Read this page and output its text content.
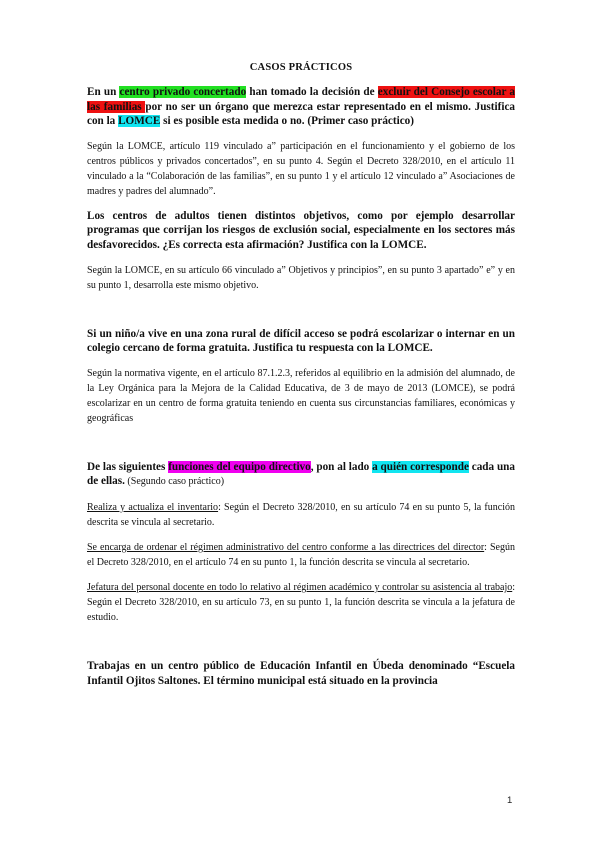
CASOS PRÁCTICOS

En un centro privado concertado han tomado la decisión de excluir del Consejo escolar a las familias por no ser un órgano que merezca estar representado en el mismo. Justifica con la LOMCE si es posible esta medida o no. (Primer caso práctico)

Según la LOMCE, artículo 119 vinculado a” participación en el funcionamiento y el gobierno de los centros públicos y privados concertados”, en su punto 4. Según el Decreto 328/2010, en el artículo 11 vinculado a la “Colaboración de las familias”, en su punto 1 y el artículo 12 vinculado a” Asociaciones de madres y padres del alumnado”.

Los centros de adultos tienen distintos objetivos, como por ejemplo desarrollar programas que corrijan los riesgos de exclusión social, especialmente en los sectores más desfavorecidos. ¿Es correcta esta afirmación? Justifica con la LOMCE.

Según la LOMCE, en su artículo 66 vinculado a” Objetivos y principios”, en su punto 3 apartado” e” y en su punto 1, desarrolla este mismo objetivo.

Si un niño/a vive en una zona rural de difícil acceso se podrá escolarizar o internar en un colegio cercano de forma gratuita. Justifica tu respuesta con la LOMCE.

Según la normativa vigente, en el artículo 87.1.2.3, referidos al equilibrio en la admisión del alumnado, de la Ley Orgánica para la Mejora de la Calidad Educativa, de 3 de mayo de 2013 (LOMCE), se podrá escolarizar en un centro de forma gratuita teniendo en cuenta sus circunstancias familiares, económicas y geográficas

De las siguientes funciones del equipo directivo, pon al lado a quién corresponde cada una de ellas. (Segundo caso práctico)

Realiza y actualiza el inventario: Según el Decreto 328/2010, en su artículo 74 en su punto 5, la función descrita se vincula al secretario.

Se encarga de ordenar el régimen administrativo del centro conforme a las directrices del director: Según el Decreto 328/2010, en el artículo 74 en su punto 1, la función descrita se vincula al secretario.

Jefatura del personal docente en todo lo relativo al régimen académico y controlar su asistencia al trabajo: Según el Decreto 328/2010, en su artículo 73, en su punto 1, la función descrita se vincula a la jefatura de estudio.

Trabajas en un centro público de Educación Infantil en Úbeda denominado “Escuela Infantil Ojitos Saltones. El término municipal está situado en la provincia

1
